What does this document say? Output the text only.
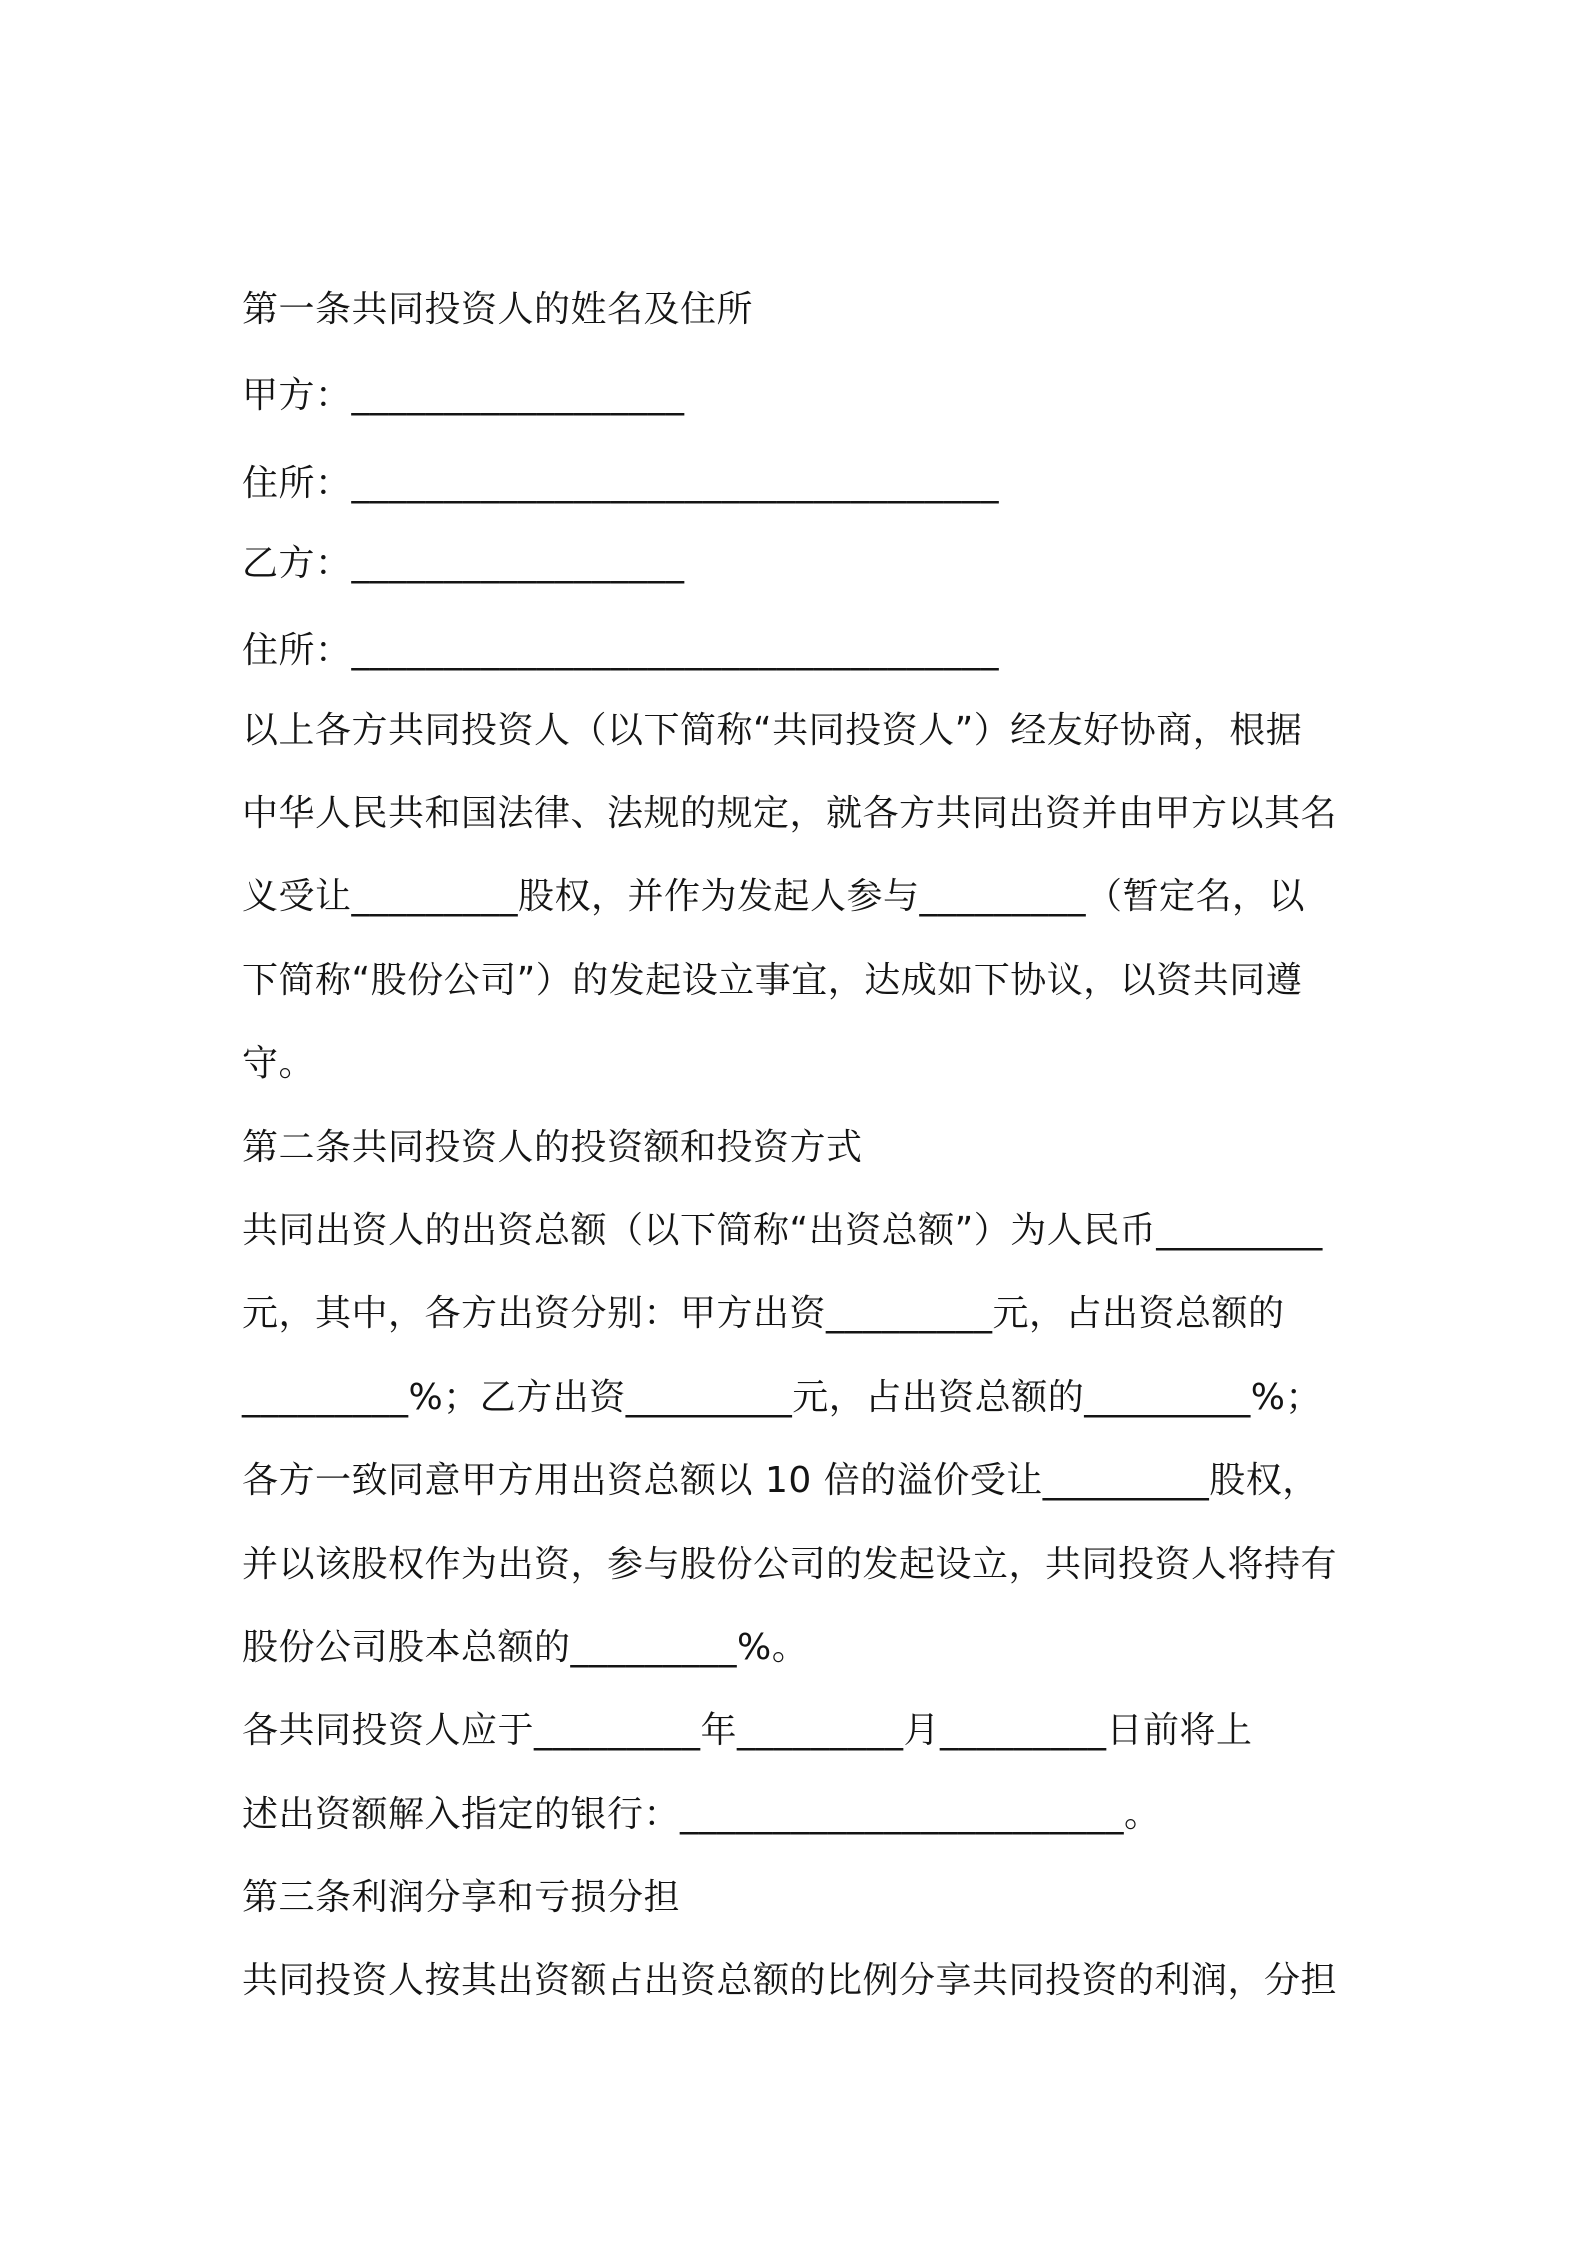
第一条共同投资人的姓名及住所
甲方：__________________
住所：___________________________________
乙方：__________________
住所：___________________________________
以上各方共同投资人（以下简称“共同投资人”）经友好协商，根据
中华人民共和国法律、法规的规定，就各方共同出资并由甲方以其名
义受让_________股权，并作为发起人参与_________（暂定名，以
下简称“股份公司”）的发起设立事宜，达成如下协议，以资共同遵
守。
第二条共同投资人的投资额和投资方式
共同出资人的出资总额（以下简称“出资总额”）为人民币_________
元，其中，各方出资分别：甲方出资_________元，占出资总额的
_________%；乙方出资_________元，占出资总额的_________%；
各方一致同意甲方用出资总额以 10 倍的溢价受让_________股权，
并以该股权作为出资，参与股份公司的发起设立，共同投资人将持有
股份公司股本总额的_________%。
各共同投资人应于_________年_________月_________日前将上
述出资额解入指定的银行：________________________。
第三条利润分享和亏损分担
共同投资人按其出资额占出资总额的比例分享共同投资的利润，分担
